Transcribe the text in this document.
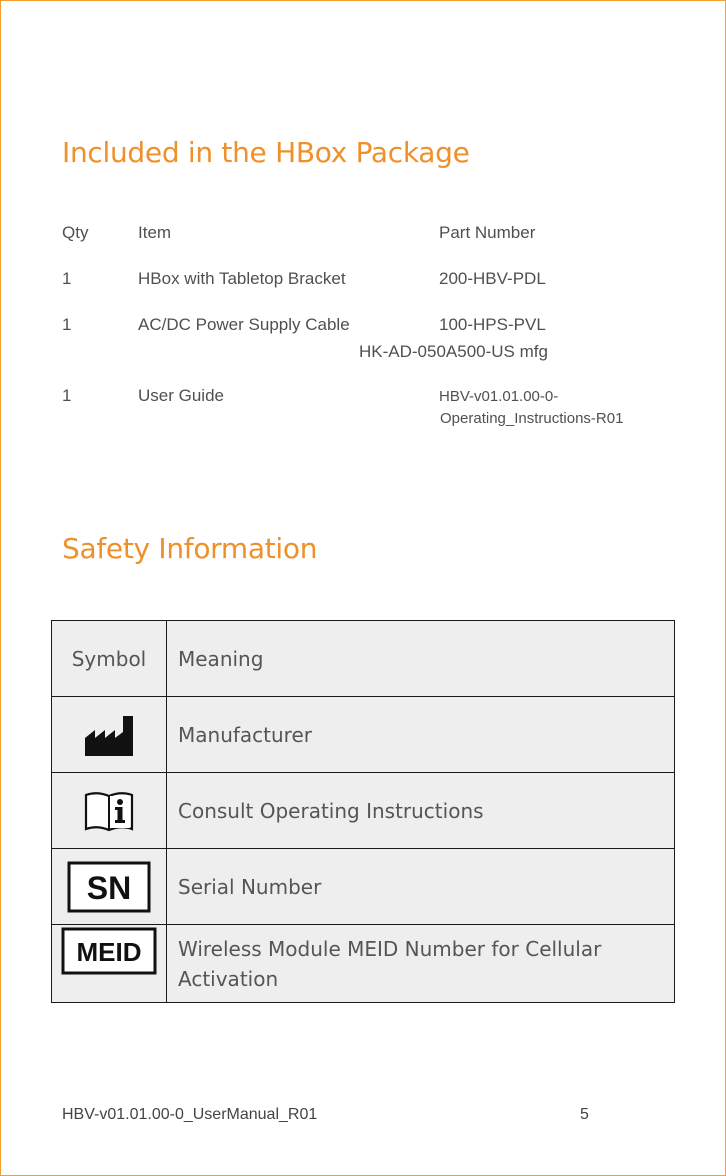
Included in the HBox Package
Qty	Item	Part Number
1	HBox with Tabletop Bracket	200-HBV-PDL
1	AC/DC Power Supply Cable	100-HPS-PVL
HK-AD-050A500-US mfg
1	User Guide	HBV-v01.01.00-0-
Operating_Instructions-R01
Safety Information
Symbol	Meaning

	Manufacturer

	Consult Operating Instructions

SN	Serial Number

MEID	Wireless Module MEID Number for Cellular Activation
HBV-v01.01.00-0_UserManual_R01	5
